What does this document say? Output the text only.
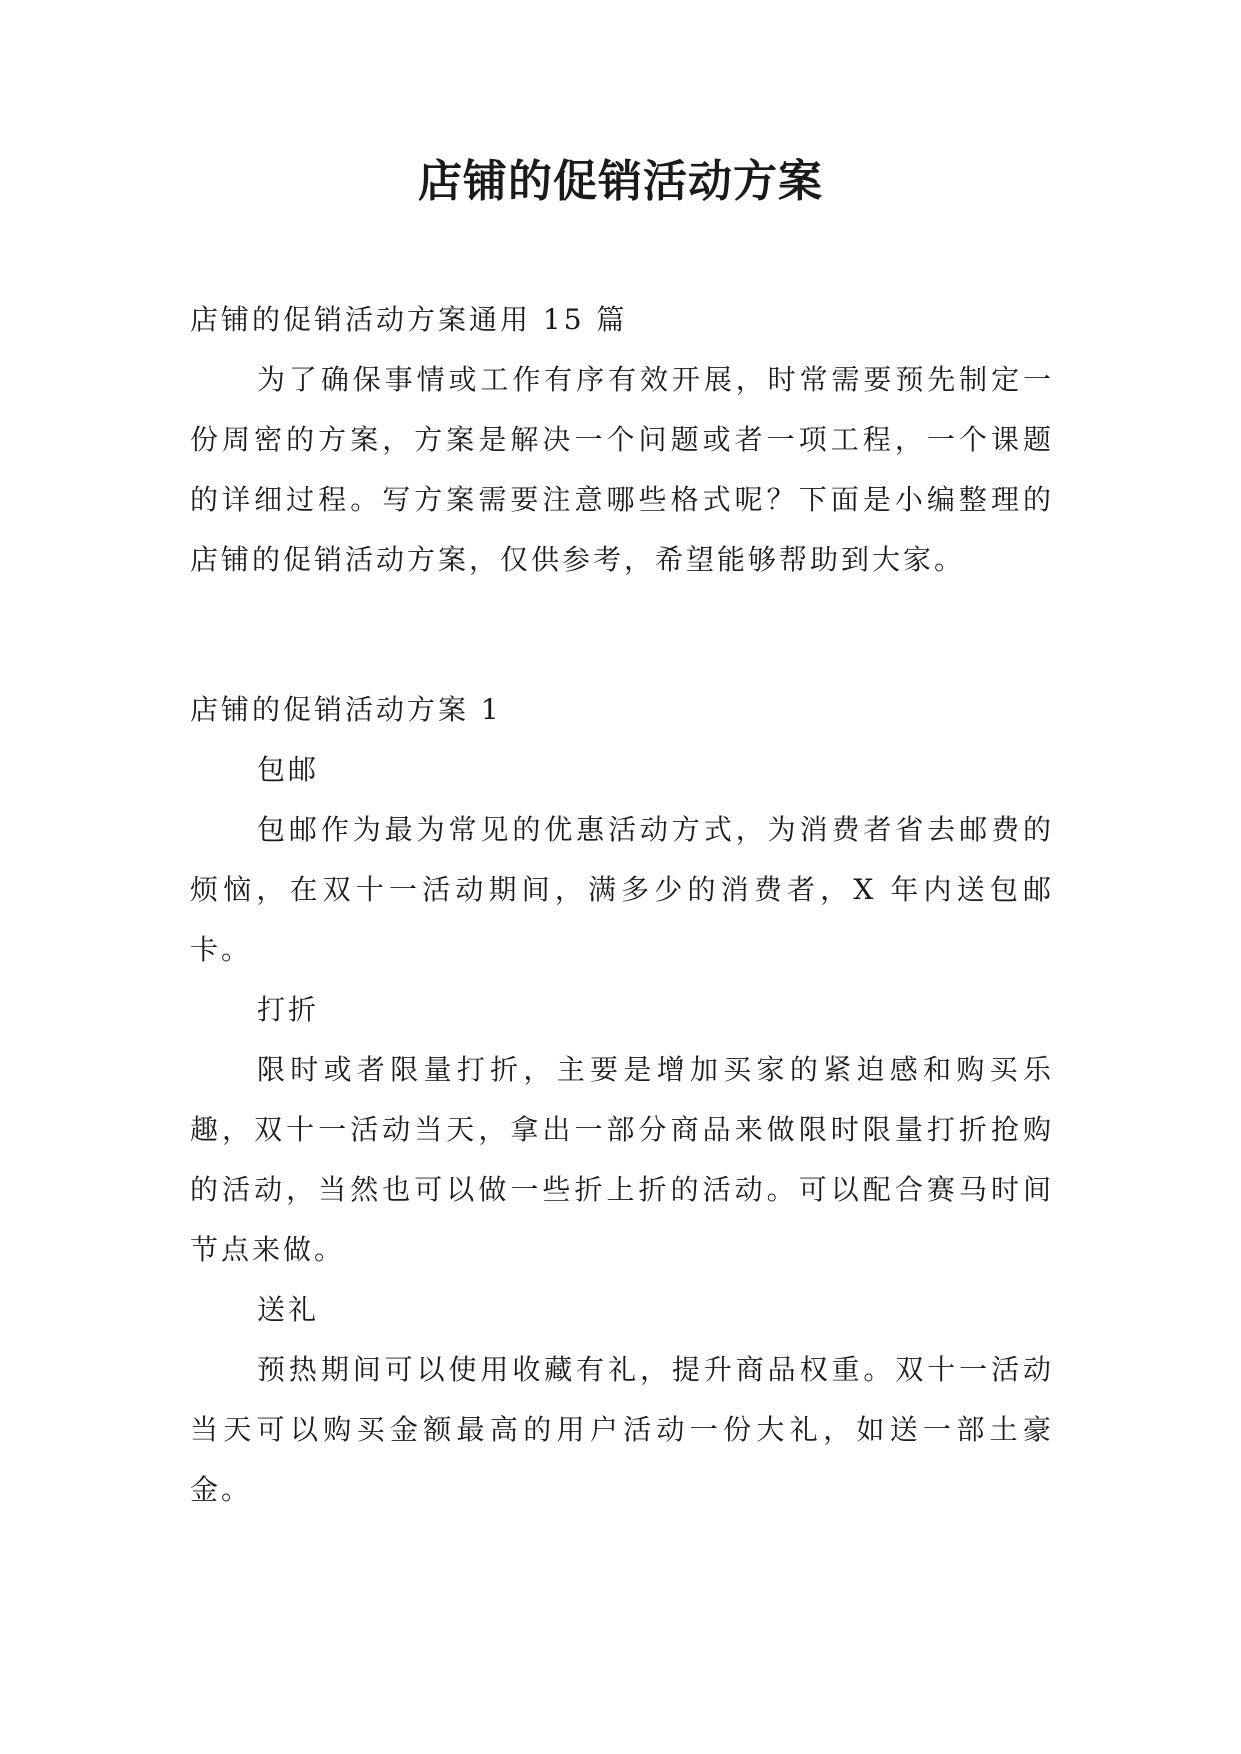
店铺的促销活动方案

店铺的促销活动方案通用 15 篇

为了确保事情或工作有序有效开展，时常需要预先制定一份周密的方案，方案是解决一个问题或者一项工程，一个课题的详细过程。写方案需要注意哪些格式呢？下面是小编整理的店铺的促销活动方案，仅供参考，希望能够帮助到大家。

店铺的促销活动方案 1

包邮

包邮作为最为常见的优惠活动方式，为消费者省去邮费的烦恼，在双十一活动期间，满多少的消费者，X 年内送包邮卡。

打折

限时或者限量打折，主要是增加买家的紧迫感和购买乐趣，双十一活动当天，拿出一部分商品来做限时限量打折抢购的活动，当然也可以做一些折上折的活动。可以配合赛马时间节点来做。

送礼

预热期间可以使用收藏有礼，提升商品权重。双十一活动当天可以购买金额最高的用户活动一份大礼，如送一部土豪金。
